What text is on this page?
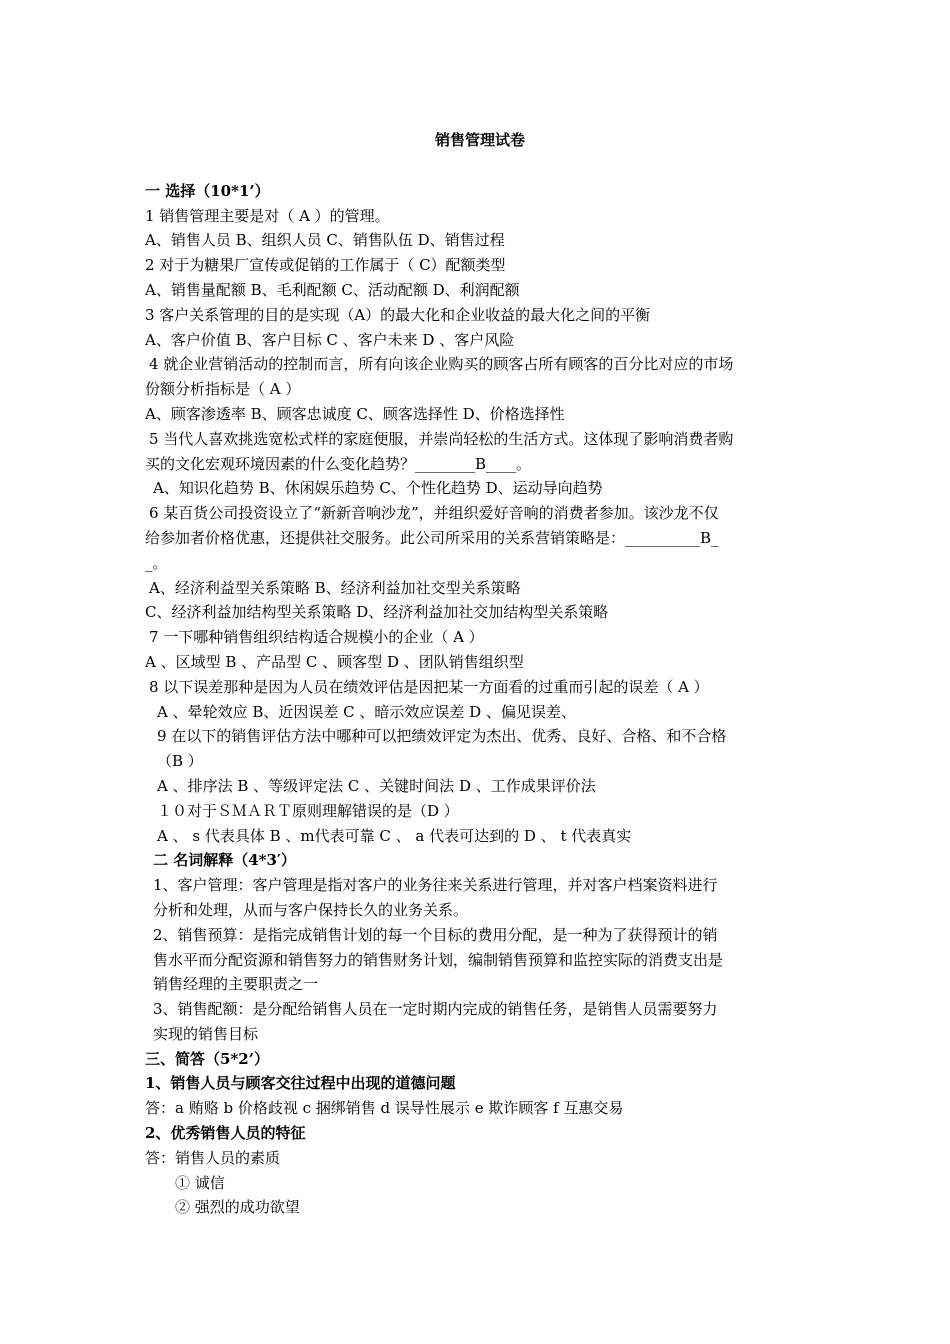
销售管理试卷
一 选择（10*1’）
1 销售管理主要是对（ A ）的管理。
A、销售人员 B、组织人员 C、销售队伍 D、销售过程
2 对于为糖果厂宣传或促销的工作属于（ C）配额类型
A、销售量配额 B、毛利配额 C、活动配额 D、利润配额
3 客户关系管理的目的是实现（A）的最大化和企业收益的最大化之间的平衡
A、客户价值 B、客户目标 C 、客户未来 D 、客户风险
4 就企业营销活动的控制而言，所有向该企业购买的顾客占所有顾客的百分比对应的市场
份额分析指标是（ A ）
A、顾客渗透率 B、顾客忠诚度 C、顾客选择性 D、价格选择性
5 当代人喜欢挑选宽松式样的家庭便服，并崇尚轻松的生活方式。这体现了影响消费者购
买的文化宏观环境因素的什么变化趋势？________B____。
A、知识化趋势 B、休闲娱乐趋势 C、个性化趋势 D、运动导向趋势
6 某百货公司投资设立了“新新音响沙龙”，并组织爱好音响的消费者参加。该沙龙不仅
给参加者价格优惠，还提供社交服务。此公司所采用的关系营销策略是：__________B_
_。
A、经济利益型关系策略 B、经济利益加社交型关系策略
C、经济利益加结构型关系策略 D、经济利益加社交加结构型关系策略
7 一下哪种销售组织结构适合规模小的企业（ A ）
A 、区域型 B 、产品型 C 、顾客型 D 、团队销售组织型
8 以下误差那种是因为人员在绩效评估是因把某一方面看的过重而引起的误差（ A ）
A 、晕轮效应 B、近因误差 C 、暗示效应误差 D 、偏见误差、
9 在以下的销售评估方法中哪种可以把绩效评定为杰出、优秀、良好、合格、和不合格
（B ）
A 、排序法 B 、等级评定法 C 、关键时间法 D 、工作成果评价法
１０对于ＳＭＡＲＴ原则理解错误的是（D ）
A 、 s 代表具体 B 、m代表可靠 C 、 a 代表可达到的 D 、 t 代表真实
二 名词解释（4*3′）
1、客户管理：客户管理是指对客户的业务往来关系进行管理，并对客户档案资料进行
分析和处理，从而与客户保持长久的业务关系。
2、销售预算：是指完成销售计划的每一个目标的费用分配，是一种为了获得预计的销
售水平而分配资源和销售努力的销售财务计划，编制销售预算和监控实际的消费支出是
销售经理的主要职责之一
3、销售配额：是分配给销售人员在一定时期内完成的销售任务，是销售人员需要努力
实现的销售目标
三、简答（5*2’）
1、销售人员与顾客交往过程中出现的道德问题
答：a 贿赂 b 价格歧视 c 捆绑销售 d 误导性展示 e 欺诈顾客 f 互惠交易
2、优秀销售人员的特征
答：销售人员的素质
① 诚信
② 强烈的成功欲望
